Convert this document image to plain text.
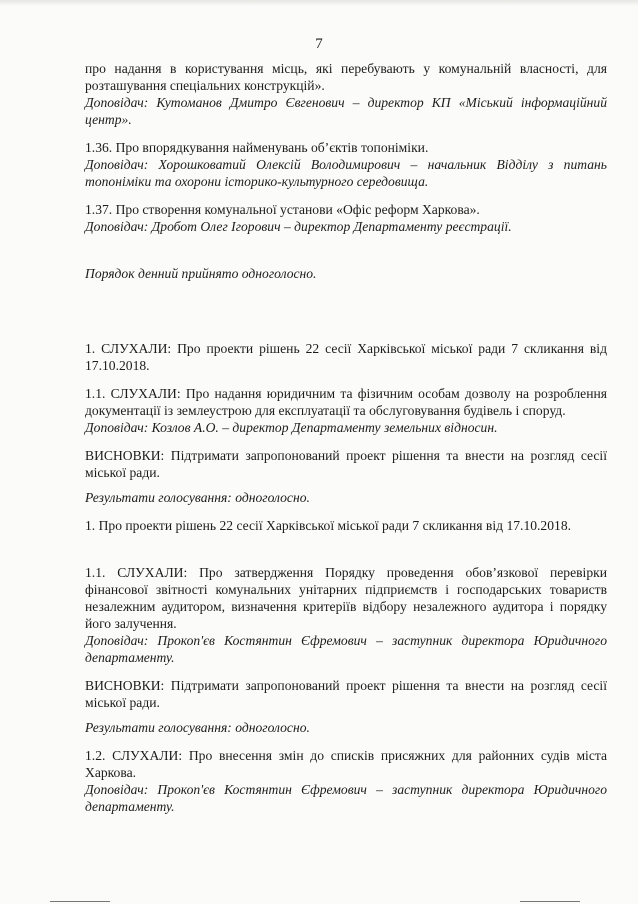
7

про надання в користування місць, які перебувають у комунальній власності, для розташування спеціальних конструкцій».

Доповідач: Кутоманов Дмитро Євгенович – директор КП «Міський інформаційний центр».

1.36. Про впорядкування найменувань об’єктів топоніміки.

Доповідач: Хорошковатий Олексій Володимирович – начальник Відділу з питань топоніміки та охорони історико-культурного середовища.

1.37. Про створення комунальної установи «Офіс реформ Харкова».

Доповідач: Дробот Олег Ігорович – директор Департаменту реєстрації.

Порядок денний прийнято одноголосно.

1. СЛУХАЛИ: Про проекти рішень 22 сесії Харківської міської ради 7 скликання від 17.10.2018.

1.1. СЛУХАЛИ: Про надання юридичним та фізичним особам дозволу на розроблення документації із землеустрою для експлуатації та обслуговування будівель і споруд.

Доповідач: Козлов А.О. – директор Департаменту земельних відносин.

ВИСНОВКИ: Підтримати запропонований проект рішення та внести на розгляд сесії міської ради.

Результати голосування: одноголосно.

1. Про проекти рішень 22 сесії Харківської міської ради 7 скликання від 17.10.2018.

1.1. СЛУХАЛИ: Про затвердження Порядку проведення обов’язкової перевірки фінансової звітності комунальних унітарних підприємств і господарських товариств незалежним аудитором, визначення критеріїв відбору незалежного аудитора і порядку його залучення.

Доповідач: Прокоп'єв Костянтин Єфремович – заступник директора Юридичного департаменту.

ВИСНОВКИ: Підтримати запропонований проект рішення та внести на розгляд сесії міської ради.

Результати голосування: одноголосно.

1.2. СЛУХАЛИ: Про внесення змін до списків присяжних для районних судів міста Харкова.

Доповідач: Прокоп'єв Костянтин Єфремович – заступник директора Юридичного департаменту.
